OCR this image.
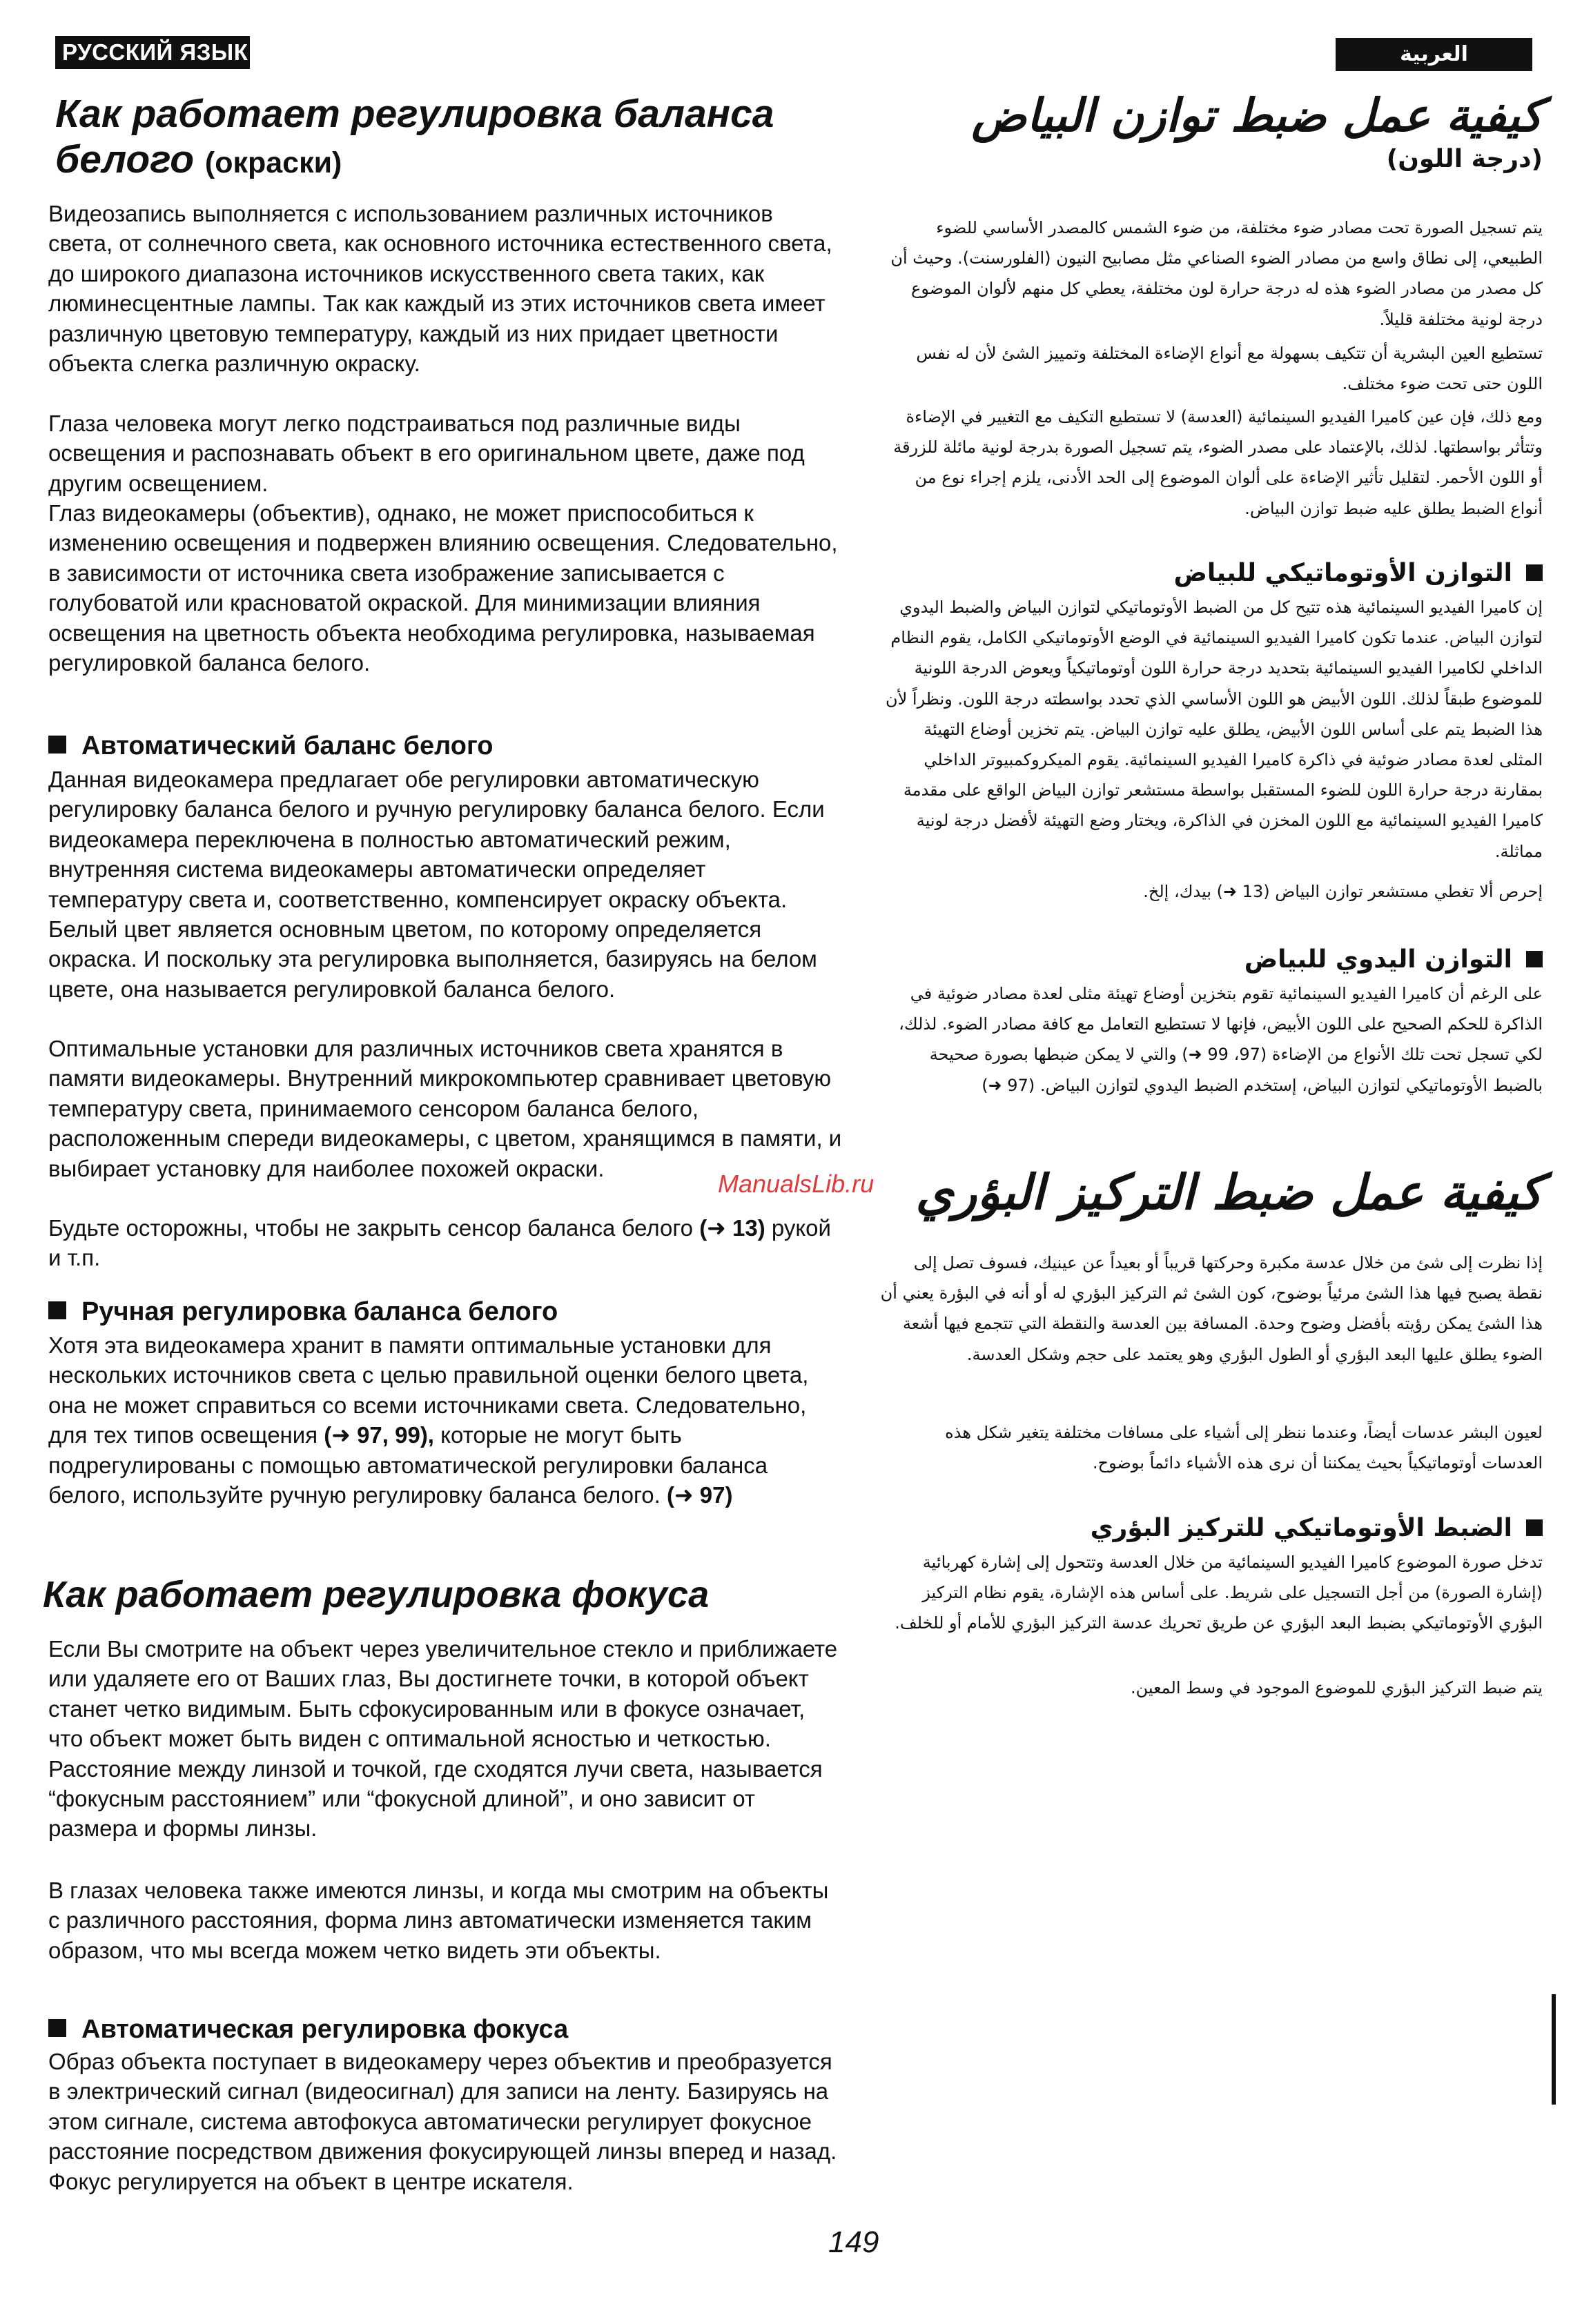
РУССКИЙ ЯЗЫК	العربية
Как работает регулировка баланса белого (окраски)

Видеозапись выполняется с использованием различных источников света, от солнечного света, как основного источника естественного света, до широкого диапазона источников искусственного света таких, как люминесцентные лампы. Так как каждый из этих источников света имеет различную цветовую температуру, каждый из них придает цветности объекта слегка различную окраску.

Глаза человека могут легко подстраиваться под различные виды освещения и распознавать объект в его оригинальном цвете, даже под другим освещением.

Глаз видеокамеры (объектив), однако, не может приспособиться к изменению освещения и подвержен влиянию освещения. Следовательно, в зависимости от источника света изображение записывается с голубоватой или красноватой окраской. Для минимизации влияния освещения на цветность объекта необходима регулировка, называемая регулировкой баланса белого.

Автоматический баланс белого

Данная видеокамера предлагает обе регулировки автоматическую регулировку баланса белого и ручную регулировку баланса белого. Если видеокамера переключена в полностью автоматический режим, внутренняя система видеокамеры автоматически определяет температуру света и, соответственно, компенсирует окраску объекта. Белый цвет является основным цветом, по которому определяется окраска. И поскольку эта регулировка выполняется, базируясь на белом цвете, она называется регулировкой баланса белого.

Оптимальные установки для различных источников света хранятся в памяти видеокамеры. Внутренний микрокомпьютер сравнивает цветовую температуру света, принимаемого сенсором баланса белого, расположенным спереди видеокамеры, с цветом, хранящимся в памяти, и выбирает установку для наиболее похожей окраски.

Будьте осторожны, чтобы не закрыть сенсор баланса белого (➜ 13) рукой и т.п.

Ручная регулировка баланса белого

Хотя эта видеокамера хранит в памяти оптимальные установки для нескольких источников света с целью правильной оценки белого цвета, она не может справиться со всеми источниками света. Следовательно, для тех типов освещения (➜ 97, 99), которые не могут быть подрегулированы с помощью автоматической регулировки баланса белого, используйте ручную регулировку баланса белого. (➜ 97)

Как работает регулировка фокуса

Если Вы смотрите на объект через увеличительное стекло и приближаете или удаляете его от Ваших глаз, Вы достигнете точки, в которой объект станет четко видимым. Быть сфокусированным или в фокусе означает, что объект может быть виден с оптимальной ясностью и четкостью. Расстояние между линзой и точкой, где сходятся лучи света, называется “фокусным расстоянием” или “фокусной длиной”, и оно зависит от размера и формы линзы.

В глазах человека также имеются линзы, и когда мы смотрим на объекты с различного расстояния, форма линз автоматически изменяется таким образом, что мы всегда можем четко видеть эти объекты.

Автоматическая регулировка фокуса

Образ объекта поступает в видеокамеру через объектив и преобразуется в электрический сигнал (видеосигнал) для записи на ленту. Базируясь на этом сигнале, система автофокуса автоматически регулирует фокусное расстояние посредством движения фокусирующей линзы вперед и назад. Фокус регулируется на объект в центре искателя.

كيفية عمل ضبط توازن البياض
(درجة اللون)

يتم تسجيل الصورة تحت مصادر ضوء مختلفة، من ضوء الشمس كالمصدر الأساسي للضوء الطبيعي، إلى نطاق واسع من مصادر الضوء الصناعي مثل مصابيح النيون (الفلورسنت). وحيث أن كل مصدر من مصادر الضوء هذه له درجة حرارة لون مختلفة، يعطي كل منهم لألوان الموضوع درجة لونية مختلفة قليلاً.

تستطيع العين البشرية أن تتكيف بسهولة مع أنواع الإضاءة المختلفة وتمييز الشئ لأن له نفس اللون حتى تحت ضوء مختلف.

ومع ذلك، فإن عين كاميرا الفيديو السينمائية (العدسة) لا تستطيع التكيف مع التغيير في الإضاءة وتتأثر بواسطتها. لذلك، بالإعتماد على مصدر الضوء، يتم تسجيل الصورة بدرجة لونية مائلة للزرقة أو اللون الأحمر. لتقليل تأثير الإضاءة على ألوان الموضوع إلى الحد الأدنى، يلزم إجراء نوع من أنواع الضبط يطلق عليه ضبط توازن البياض.

التوازن الأوتوماتيكي للبياض

إن كاميرا الفيديو السينمائية هذه تتيح كل من الضبط الأوتوماتيكي لتوازن البياض والضبط اليدوي لتوازن البياض. عندما تكون كاميرا الفيديو السينمائية في الوضع الأوتوماتيكي الكامل، يقوم النظام الداخلي لكاميرا الفيديو السينمائية بتحديد درجة حرارة اللون أوتوماتيكياً ويعوض الدرجة اللونية للموضوع طبقاً لذلك. اللون الأبيض هو اللون الأساسي الذي تحدد بواسطته درجة اللون. ونظراً لأن هذا الضبط يتم على أساس اللون الأبيض، يطلق عليه توازن البياض. يتم تخزين أوضاع التهيئة المثلى لعدة مصادر ضوئية في ذاكرة كاميرا الفيديو السينمائية. يقوم الميكروكمبيوتر الداخلي بمقارنة درجة حرارة اللون للضوء المستقبل بواسطة مستشعر توازن البياض الواقع على مقدمة كاميرا الفيديو السينمائية مع اللون المخزن في الذاكرة، ويختار وضع التهيئة لأفضل درجة لونية مماثلة.

إحرص ألا تغطي مستشعر توازن البياض (13 ➜) بيدك، إلخ.

التوازن اليدوي للبياض

على الرغم أن كاميرا الفيديو السينمائية تقوم بتخزين أوضاع تهيئة مثلى لعدة مصادر ضوئية في الذاكرة للحكم الصحيح على اللون الأبيض، فإنها لا تستطيع التعامل مع كافة مصادر الضوء. لذلك، لكي تسجل تحت تلك الأنواع من الإضاءة (97، 99 ➜) والتي لا يمكن ضبطها بصورة صحيحة بالضبط الأوتوماتيكي لتوازن البياض، إستخدم الضبط اليدوي لتوازن البياض. (97 ➜)

كيفية عمل ضبط التركيز البؤري

إذا نظرت إلى شئ من خلال عدسة مكبرة وحركتها قريباً أو بعيداً عن عينيك، فسوف تصل إلى نقطة يصبح فيها هذا الشئ مرئياً بوضوح، كون الشئ ثم التركيز البؤري له أو أنه في البؤرة يعني أن هذا الشئ يمكن رؤيته بأفضل وضوح وحدة. المسافة بين العدسة والنقطة التي تتجمع فيها أشعة الضوء يطلق عليها البعد البؤري أو الطول البؤري وهو يعتمد على حجم وشكل العدسة.

لعيون البشر عدسات أيضاً، وعندما ننظر إلى أشياء على مسافات مختلفة يتغير شكل هذه العدسات أوتوماتيكياً بحيث يمكننا أن نرى هذه الأشياء دائماً بوضوح.

الضبط الأوتوماتيكي للتركيز البؤري

تدخل صورة الموضوع كاميرا الفيديو السينمائية من خلال العدسة وتتحول إلى إشارة كهربائية (إشارة الصورة) من أجل التسجيل على شريط. على أساس هذه الإشارة، يقوم نظام التركيز البؤري الأوتوماتيكي بضبط البعد البؤري عن طريق تحريك عدسة التركيز البؤري للأمام أو للخلف.

يتم ضبط التركيز البؤري للموضوع الموجود في وسط المعين.

ManualsLib.ru
149
